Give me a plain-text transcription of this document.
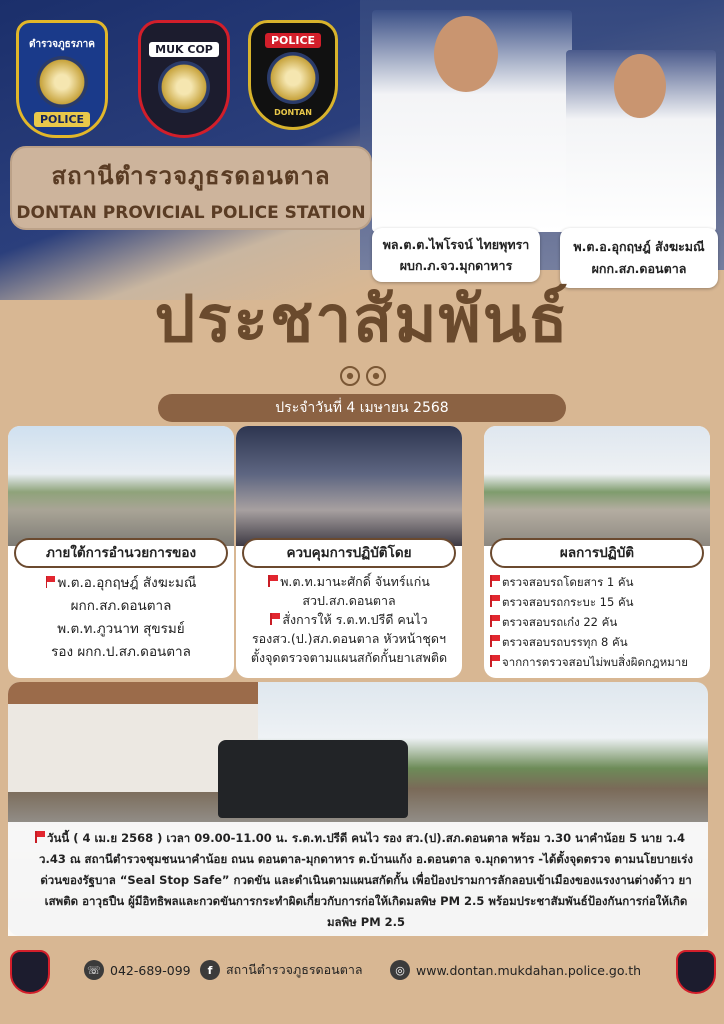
ตำรวจภูธรภาค
POLICE
MUK COP
POLICE
DONTAN
สถานีตำรวจภูธรดอนตาล
DONTAN PROVICIAL POLICE STATION
พล.ต.ต.ไพโรจน์ ไทยพุทรา
ผบก.ภ.จว.มุกดาหาร
พ.ต.อ.อุกฤษฎ์ สังฆะมณี
ผกก.สภ.ดอนตาล
ประชาสัมพันธ์
ประจำวันที่ 4 เมษายน 2568
ภายใต้การอำนวยการของ
พ.ต.อ.อุกฤษฎ์ สังฆะมณี
ผกก.สภ.ดอนตาล
พ.ต.ท.ภูวนาท สุขรมย์
รอง ผกก.ป.สภ.ดอนตาล
ควบคุมการปฏิบัติโดย
พ.ต.ท.มานะศักดิ์ จันทร์แก่น
สวป.สภ.ดอนตาล
สั่งการให้ ร.ต.ท.ปรีดี คนไว
รองสว.(ป.)สภ.ดอนตาล หัวหน้าชุดฯ
ตั้งจุดตรวจตามแผนสกัดกั้นยาเสพติด
ผลการปฏิบัติ
ตรวจสอบรถโดยสาร 1 คัน
ตรวจสอบรถกระบะ 15 คัน
ตรวจสอบรถเก๋ง 22 คัน
ตรวจสอบรถบรรทุก 8 คัน
จากการตรวจสอบไม่พบสิ่งผิดกฎหมาย
วันนี้ ( 4 เม.ย 2568 ) เวลา 09.00-11.00 น. ร.ต.ท.ปรีดี คนไว รอง สว.(ป).สภ.ดอนตาล พร้อม ว.30 นาคำน้อย 5 นาย ว.4 ว.43 ณ สถานีตำรวจชุมชนนาคำน้อย ถนน ดอนตาล-มุกดาหาร ต.บ้านแก้ง อ.ดอนตาล จ.มุกดาหาร -ได้ตั้งจุดตรวจ ตามนโยบายเร่งด่วนของรัฐบาล “Seal Stop Safe” กวดขัน และดำเนินตามแผนสกัดกั้น เพื่อป้องปรามการลักลอบเข้าเมืองของแรงงานต่างด้าว ยาเสพติด อาวุธปืน ผู้มีอิทธิพลและกวดขันการกระทำผิดเกี่ยวกับการก่อให้เกิดมลพิษ PM 2.5 พร้อมประชาสัมพันธ์ป้องกันการก่อให้เกิดมลพิษ PM 2.5
☏ 042-689-099	f	สถานีตำรวจภูธรดอนตาล	◎ www.dontan.mukdahan.police.go.th
